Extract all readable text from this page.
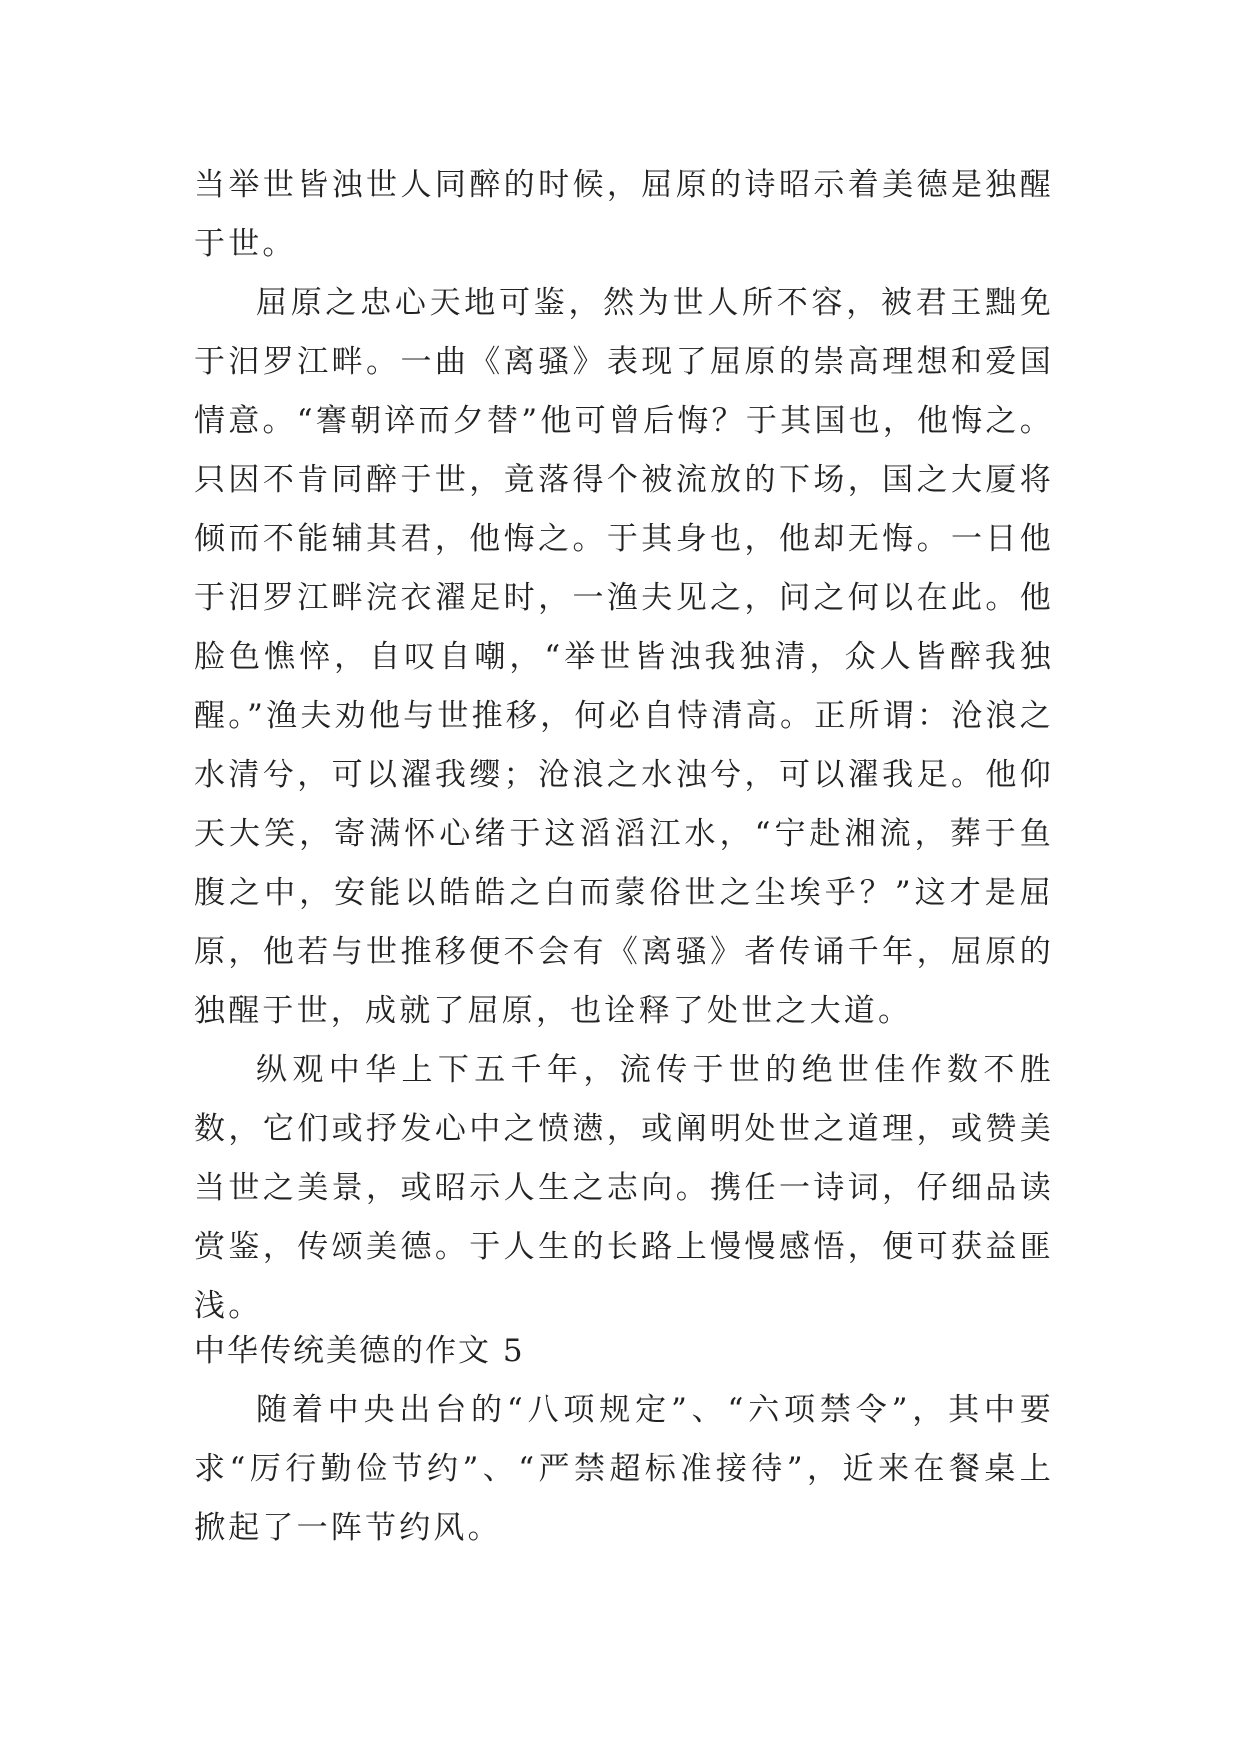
当举世皆浊世人同醉的时候，屈原的诗昭示着美德是独醒于世。

屈原之忠心天地可鉴，然为世人所不容，被君王黜免于汨罗江畔。一曲《离骚》表现了屈原的崇高理想和爱国情意。“謇朝谇而夕替”他可曾后悔？于其国也，他悔之。只因不肯同醉于世，竟落得个被流放的下场，国之大厦将倾而不能辅其君，他悔之。于其身也，他却无悔。一日他于汨罗江畔浣衣濯足时，一渔夫见之，问之何以在此。他脸色憔悴，自叹自嘲，“举世皆浊我独清，众人皆醉我独醒。”渔夫劝他与世推移，何必自恃清高。正所谓：沧浪之水清兮，可以濯我缨；沧浪之水浊兮，可以濯我足。他仰天大笑，寄满怀心绪于这滔滔江水，“宁赴湘流，葬于鱼腹之中，安能以皓皓之白而蒙俗世之尘埃乎？”这才是屈原，他若与世推移便不会有《离骚》者传诵千年，屈原的独醒于世，成就了屈原，也诠释了处世之大道。

纵观中华上下五千年，流传于世的绝世佳作数不胜数，它们或抒发心中之愤懑，或阐明处世之道理，或赞美当世之美景，或昭示人生之志向。携任一诗词，仔细品读赏鉴，传颂美德。于人生的长路上慢慢感悟，便可获益匪浅。

中华传统美德的作文 5

随着中央出台的“八项规定”、“六项禁令”，其中要求“厉行勤俭节约”、“严禁超标准接待”，近来在餐桌上掀起了一阵节约风。
